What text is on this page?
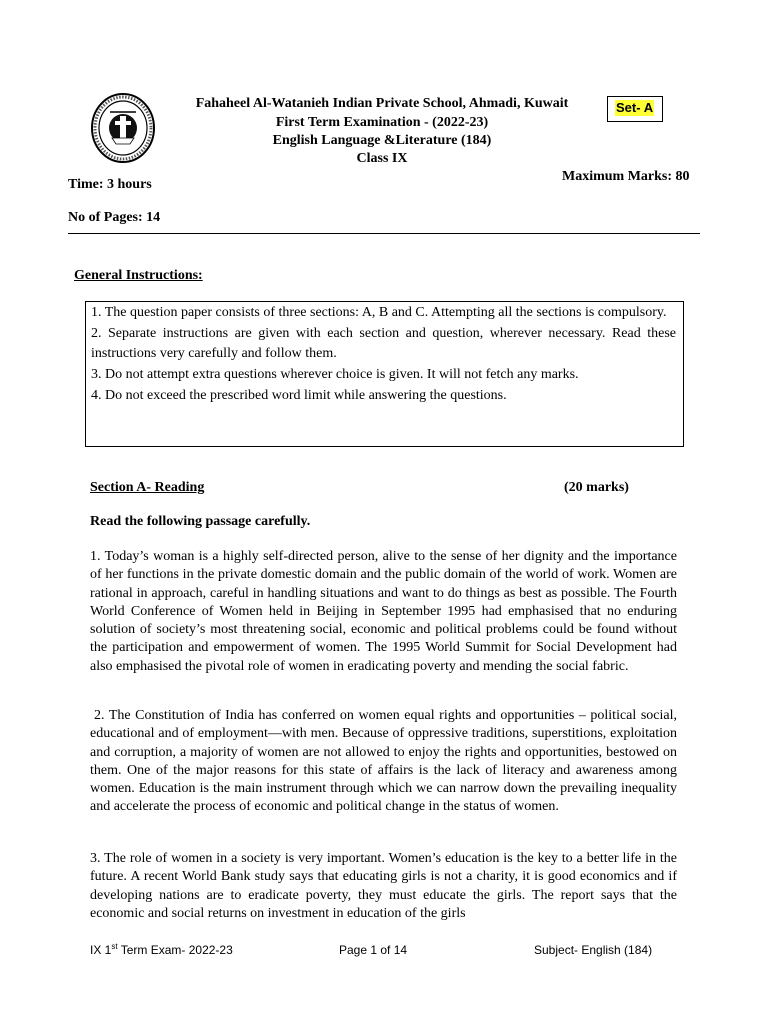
Fahaheel Al-Watanieh Indian Private School, Ahmadi, Kuwait
First Term Examination - (2022-23)
English Language &Literature (184)
Class IX
Set- A
Maximum Marks: 80
Time: 3 hours
No of Pages: 14
General Instructions:

1. The question paper consists of three sections: A, B and C. Attempting all the sections is compulsory.

2. Separate instructions are given with each section and question, wherever necessary. Read these instructions very carefully and follow them.

3. Do not attempt extra questions wherever choice is given. It will not fetch any marks.

4. Do not exceed the prescribed word limit while answering the questions.

Section A- Reading	(20 marks)
Read the following passage carefully.

1. Today’s woman is a highly self-directed person, alive to the sense of her dignity and the importance of her functions in the private domestic domain and the public domain of the world of work. Women are rational in approach, careful in handling situations and want to do things as best as possible. The Fourth World Conference of Women held in Beijing in September 1995 had emphasised that no enduring solution of society’s most threatening social, economic and political problems could be found without the participation and empowerment of women. The 1995 World Summit for Social Development had also emphasised the pivotal role of women in eradicating poverty and mending the social fabric.

2. The Constitution of India has conferred on women equal rights and opportunities – political social, educational and of employment—with men. Because of oppressive traditions, superstitions, exploitation and corruption, a majority of women are not allowed to enjoy the rights and opportunities, bestowed on them. One of the major reasons for this state of affairs is the lack of literacy and awareness among women. Education is the main instrument through which we can narrow down the prevailing inequality and accelerate the process of economic and political change in the status of women.

3. The role of women in a society is very important. Women’s education is the key to a better life in the future. A recent World Bank study says that educating girls is not a charity, it is good economics and if developing nations are to eradicate poverty, they must educate the girls. The report says that the economic and social returns on investment in education of the girls

IX 1st Term Exam- 2022-23	Page 1 of 14	Subject- English (184)
